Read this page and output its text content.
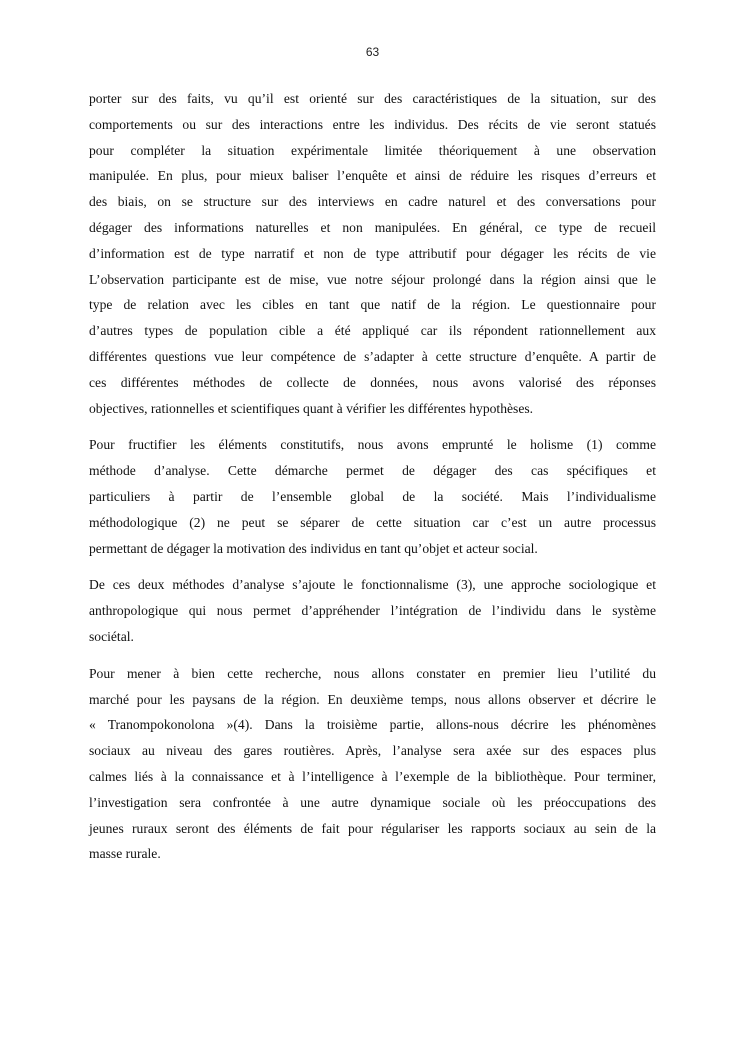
63

porter sur des faits, vu qu’il est orienté sur des caractéristiques de la situation, sur des
comportements ou sur des interactions entre les individus. Des récits de vie seront statués
pour compléter la situation expérimentale limitée théoriquement à une observation
manipulée. En plus, pour mieux baliser l’enquête et ainsi de réduire les risques d’erreurs et
des biais, on se structure sur des interviews en cadre naturel et des conversations pour
dégager des informations naturelles et non manipulées. En général, ce type de recueil
d’information est de type narratif et non de type attributif pour dégager les récits de vie
L’observation participante est de mise, vue notre séjour prolongé dans la région ainsi que le
type de relation avec les cibles en tant que natif de la région. Le questionnaire pour
d’autres types de population cible a été appliqué car ils répondent rationnellement aux
différentes questions vue leur compétence de s’adapter à cette structure d’enquête. A partir de
ces différentes méthodes de collecte de données, nous avons valorisé des réponses
objectives, rationnelles et scientifiques quant à vérifier les différentes hypothèses.

Pour fructifier les éléments constitutifs, nous avons emprunté le holisme (1) comme
méthode d’analyse. Cette démarche permet de dégager des cas spécifiques et
particuliers à partir de l’ensemble global de la société. Mais l’individualisme
méthodologique (2) ne peut se séparer de cette situation car c’est un autre processus
permettant de dégager la motivation des individus en tant qu’objet et acteur social.

De ces deux méthodes d’analyse s’ajoute le fonctionnalisme (3), une approche sociologique et
anthropologique qui nous permet d’appréhender l’intégration de l’individu dans le système
sociétal.

Pour mener à bien cette recherche, nous allons constater en premier lieu l’utilité du
marché pour les paysans de la région. En deuxième temps, nous allons observer et décrire le
« Tranompokonolona »(4). Dans la troisième partie, allons-nous décrire les phénomènes
sociaux au niveau des gares routières. Après, l’analyse sera axée sur des espaces plus
calmes liés à la connaissance et à l’intelligence à l’exemple de la bibliothèque. Pour terminer,
l’investigation sera confrontée à une autre dynamique sociale où les préoccupations des
jeunes ruraux seront des éléments de fait pour régulariser les rapports sociaux au sein de la
masse rurale.
